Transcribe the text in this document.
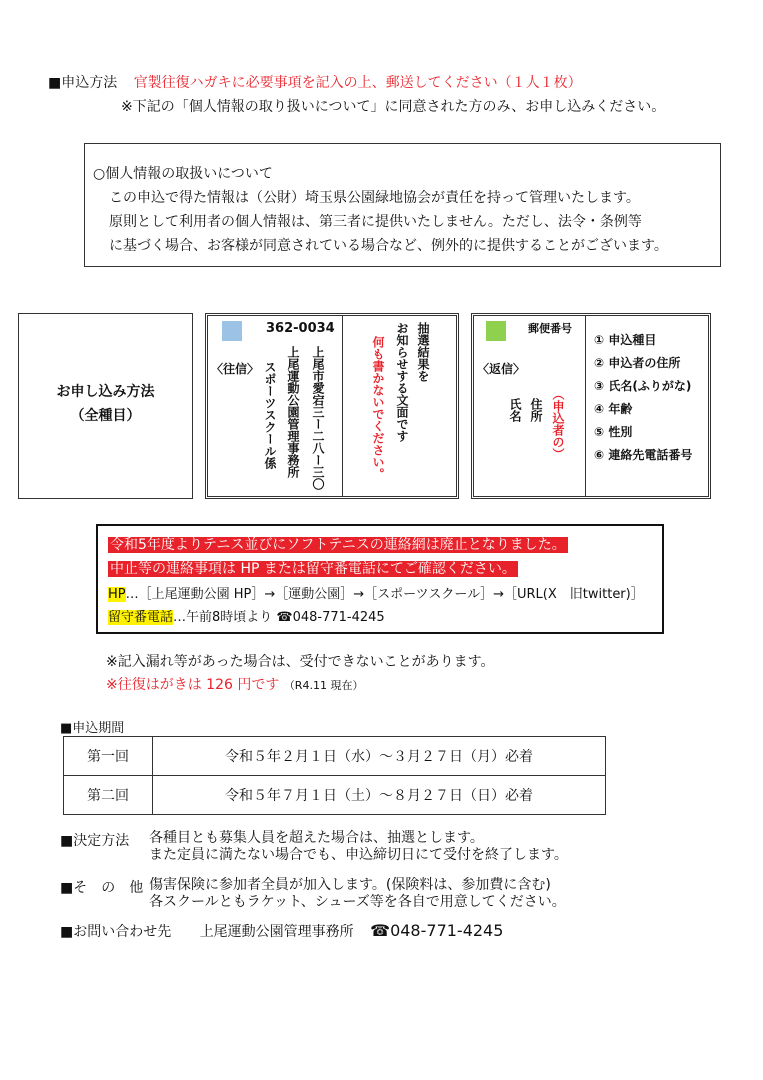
■申込方法 官製往復ハガキに必要事項を記入の上、郵送してください（１人１枚）
※下記の「個人情報の取り扱いについて」に同意された方のみ、お申し込みください。
○個人情報の取扱いについて
この申込で得た情報は（公財）埼玉県公園緑地協会が責任を持って管理いたします。
原則として利用者の個人情報は、第三者に提供いたしません。ただし、法令・条例等
に基づく場合、お客様が同意されている場合など、例外的に提供することがございます。
お申し込み方法
（全種目）
362-0034
〈往信〉	上尾市愛宕三ー二八ー三〇
上尾運動公園管理事務所
スポーツスクール係
抽選結果を
お知らせする文面です
何も書かないでください。
郵便番号
〈返信〉
（申込者の）
住所
氏名
① 申込種目
② 申込者の住所
③ 氏名(ふりがな)
④ 年齢
⑤ 性別
⑥ 連絡先電話番号
令和5年度よりテニス並びにソフトテニスの連絡網は廃止となりました。
中止等の連絡事項は HP または留守番電話にてご確認ください。
HP…［上尾運動公園 HP］→［運動公園］→［スポーツスクール］→［URL(X　旧twitter)］
留守番電話…午前8時頃より ☎048-771-4245
※記入漏れ等があった場合は、受付できないことがあります。
※往復はがきは 126 円です （R4.11 現在）
■申込期間
第一回	令和５年２月１日（水）～３月２７日（月）必着
第二回	令和５年７月１日（土）～８月２７日（日）必着
■決定方法 各種目とも募集人員を超えた場合は、抽選とします。
また定員に満たない場合でも、申込締切日にて受付を終了します。
■そ　の　他 傷害保険に参加者全員が加入します。(保険料は、参加費に含む)
各スクールともラケット、シューズ等を各自で用意してください。
■お問い合わせ先 上尾運動公園管理事務所 ☎048-771-4245
